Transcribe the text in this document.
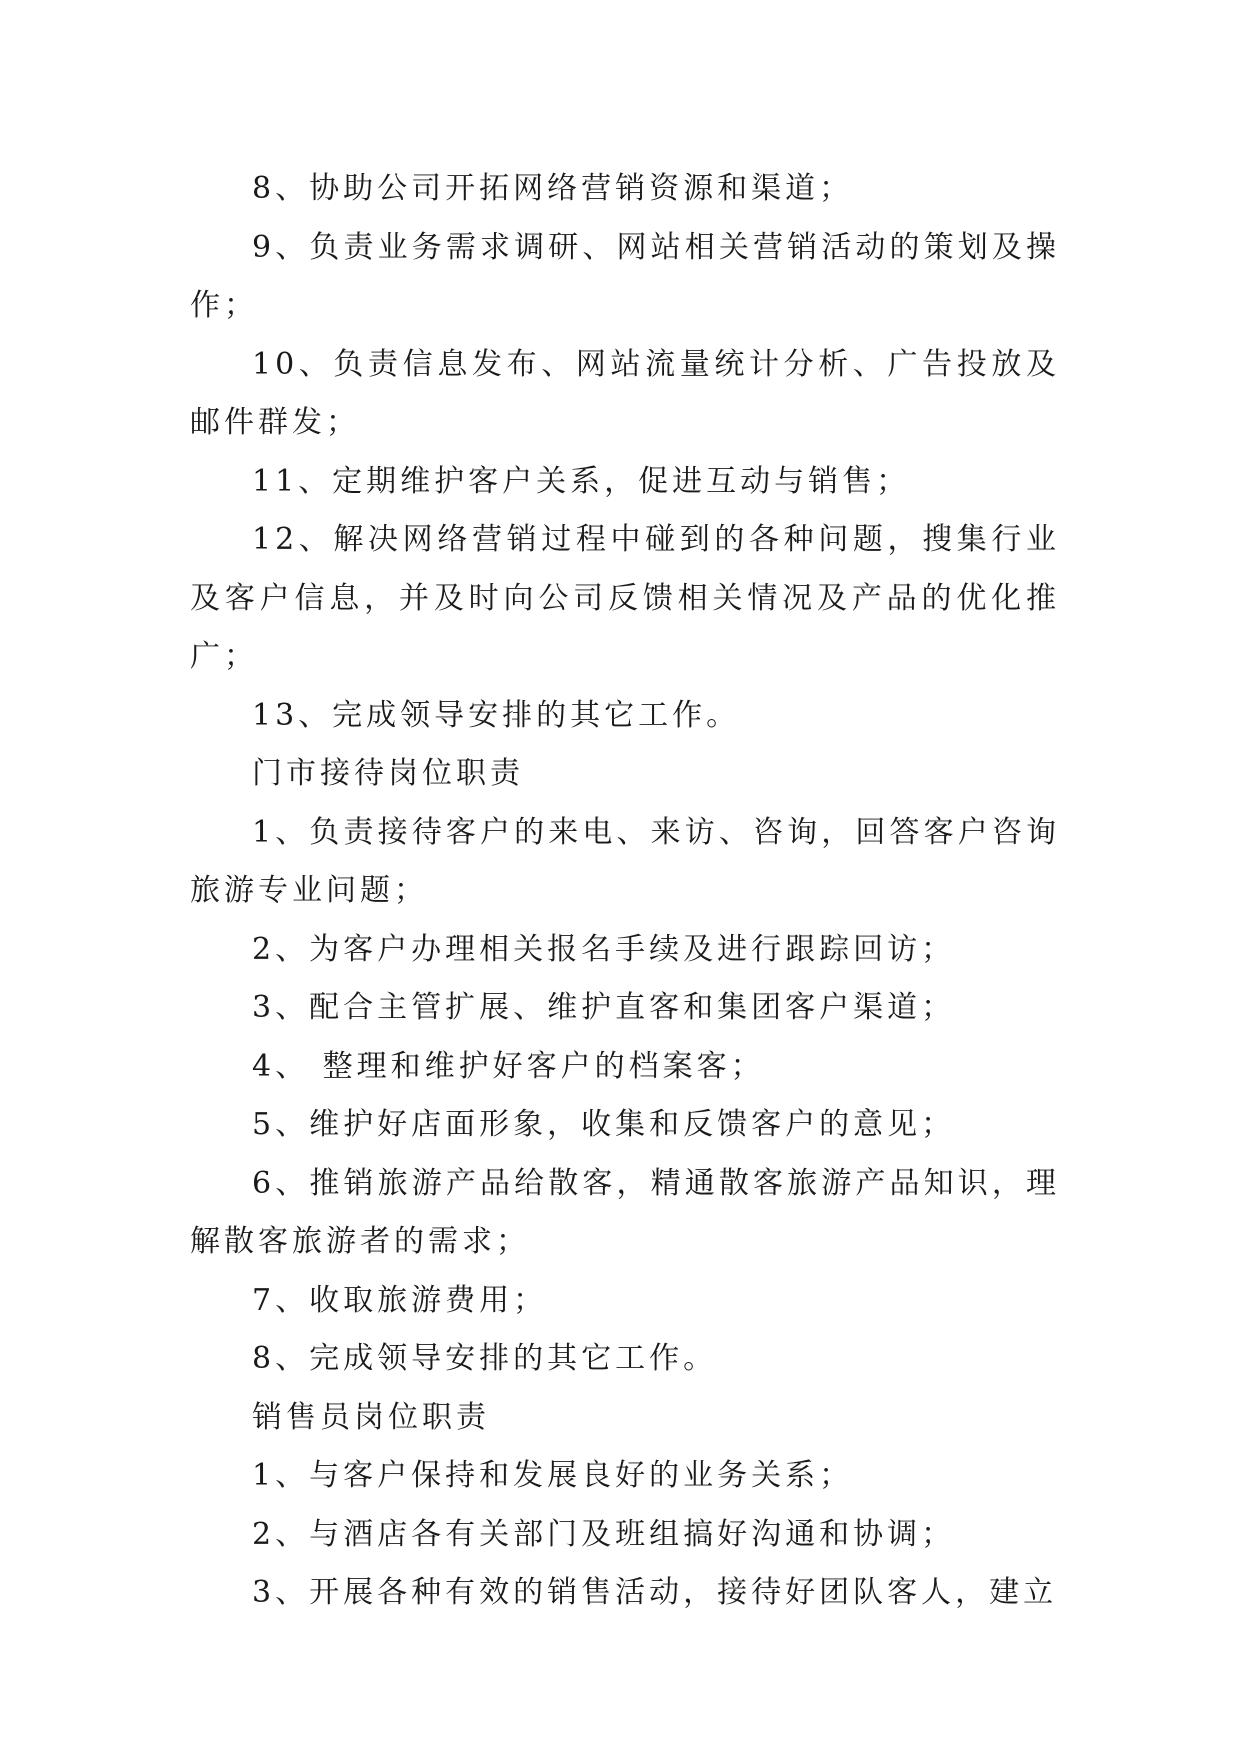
8、协助公司开拓网络营销资源和渠道；

9、负责业务需求调研、网站相关营销活动的策划及操作；

10、负责信息发布、网站流量统计分析、广告投放及邮件群发；

11、定期维护客户关系，促进互动与销售；

12、解决网络营销过程中碰到的各种问题，搜集行业及客户信息，并及时向公司反馈相关情况及产品的优化推广；

13、完成领导安排的其它工作。

门市接待岗位职责

1、负责接待客户的来电、来访、咨询，回答客户咨询旅游专业问题；

2、为客户办理相关报名手续及进行跟踪回访；

3、配合主管扩展、维护直客和集团客户渠道；

4、 整理和维护好客户的档案客；

5、维护好店面形象，收集和反馈客户的意见；

6、推销旅游产品给散客，精通散客旅游产品知识，理解散客旅游者的需求；

7、收取旅游费用；

8、完成领导安排的其它工作。

销售员岗位职责

1、与客户保持和发展良好的业务关系；

2、与酒店各有关部门及班组搞好沟通和协调；

3、开展各种有效的销售活动，接待好团队客人，建立
